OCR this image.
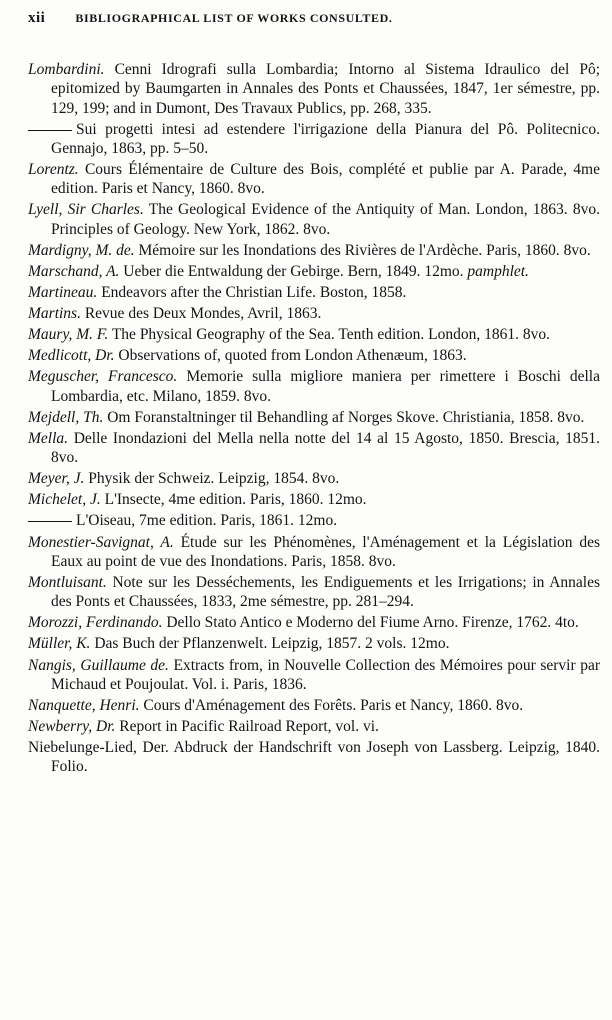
xii	BIBLIOGRAPHICAL LIST OF WORKS CONSULTED.
Lombardini. Cenni Idrografi sulla Lombardia; Intorno al Sistema Idraulico del Pô; epitomized by Baumgarten in Annales des Ponts et Chaussées, 1847, 1er sémestre, pp. 129, 199; and in Dumont, Des Travaux Publics, pp. 268, 335.
Sui progetti intesi ad estendere l'irrigazione della Pianura del Pô. Politecnico. Gennajo, 1863, pp. 5–50.
Lorentz. Cours Élémentaire de Culture des Bois, complété et publie par A. Parade, 4me edition. Paris et Nancy, 1860. 8vo.
Lyell, Sir Charles. The Geological Evidence of the Antiquity of Man. London, 1863. 8vo. Principles of Geology. New York, 1862. 8vo.
Mardigny, M. de. Mémoire sur les Inondations des Rivières de l'Ardèche. Paris, 1860. 8vo.
Marschand, A. Ueber die Entwaldung der Gebirge. Bern, 1849. 12mo. pamphlet.
Martineau. Endeavors after the Christian Life. Boston, 1858.
Martins. Revue des Deux Mondes, Avril, 1863.
Maury, M. F. The Physical Geography of the Sea. Tenth edition. London, 1861. 8vo.
Medlicott, Dr. Observations of, quoted from London Athenæum, 1863.
Meguscher, Francesco. Memorie sulla migliore maniera per rimettere i Boschi della Lombardia, etc. Milano, 1859. 8vo.
Mejdell, Th. Om Foranstaltninger til Behandling af Norges Skove. Christiania, 1858. 8vo.
Mella. Delle Inondazioni del Mella nella notte del 14 al 15 Agosto, 1850. Brescia, 1851. 8vo.
Meyer, J. Physik der Schweiz. Leipzig, 1854. 8vo.
Michelet, J. L'Insecte, 4me edition. Paris, 1860. 12mo.
L'Oiseau, 7me edition. Paris, 1861. 12mo.
Monestier-Savignat, A. Étude sur les Phénomènes, l'Aménagement et la Législation des Eaux au point de vue des Inondations. Paris, 1858. 8vo.
Montluisant. Note sur les Desséchements, les Endiguements et les Irrigations; in Annales des Ponts et Chaussées, 1833, 2me sémestre, pp. 281–294.
Morozzi, Ferdinando. Dello Stato Antico e Moderno del Fiume Arno. Firenze, 1762. 4to.
Müller, K. Das Buch der Pflanzenwelt. Leipzig, 1857. 2 vols. 12mo.
Nangis, Guillaume de. Extracts from, in Nouvelle Collection des Mémoires pour servir par Michaud et Poujoulat. Vol. i. Paris, 1836.
Nanquette, Henri. Cours d'Aménagement des Forêts. Paris et Nancy, 1860. 8vo.
Newberry, Dr. Report in Pacific Railroad Report, vol. vi.
Niebelunge-Lied, Der. Abdruck der Handschrift von Joseph von Lassberg. Leipzig, 1840. Folio.
